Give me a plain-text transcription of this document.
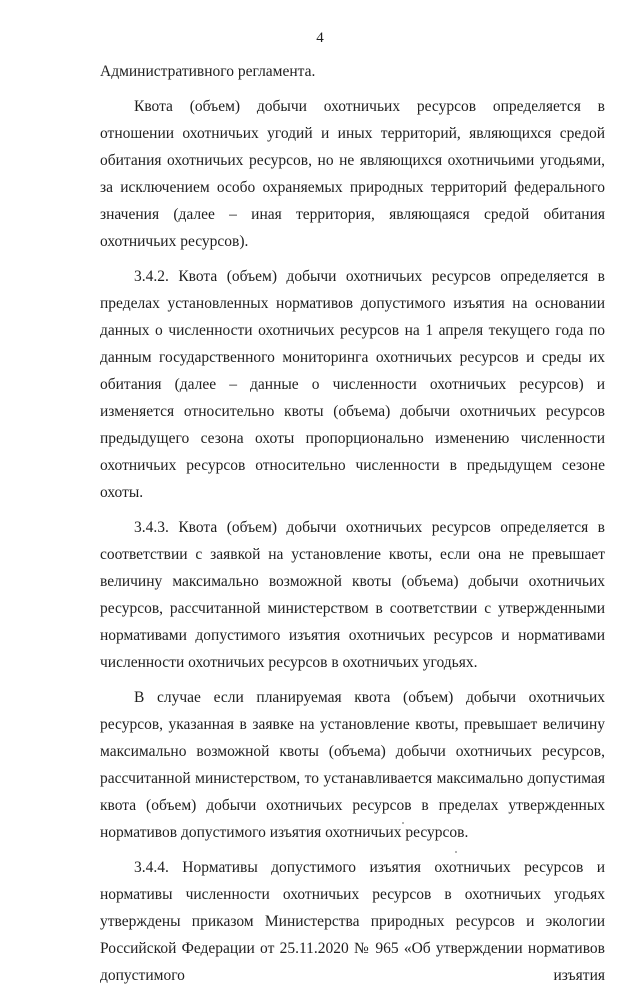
4

Административного регламента.

Квота (объем) добычи охотничьих ресурсов определяется в отношении охотничьих угодий и иных территорий, являющихся средой обитания охотничьих ресурсов, но не являющихся охотничьими угодьями, за исключением особо охраняемых природных территорий федерального значения (далее – иная территория, являющаяся средой обитания охотничьих ресурсов).

3.4.2. Квота (объем) добычи охотничьих ресурсов определяется в пределах установленных нормативов допустимого изъятия на основании данных о численности охотничьих ресурсов на 1 апреля текущего года по данным государственного мониторинга охотничьих ресурсов и среды их обитания (далее – данные о численности охотничьих ресурсов) и изменяется относительно квоты (объема) добычи охотничьих ресурсов предыдущего сезона охоты пропорционально изменению численности охотничьих ресурсов относительно численности в предыдущем сезоне охоты.

3.4.3. Квота (объем) добычи охотничьих ресурсов определяется в соответствии с заявкой на установление квоты, если она не превышает величину максимально возможной квоты (объема) добычи охотничьих ресурсов, рассчитанной министерством в соответствии с утвержденными нормативами допустимого изъятия охотничьих ресурсов и нормативами численности охотничьих ресурсов в охотничьих угодьях.

В случае если планируемая квота (объем) добычи охотничьих ресурсов, указанная в заявке на установление квоты, превышает величину максимально возможной квоты (объема) добычи охотничьих ресурсов, рассчитанной министерством, то устанавливается максимально допустимая квота (объем) добычи охотничьих ресурсов в пределах утвержденных нормативов допустимого изъятия охотничьих ресурсов.

3.4.4. Нормативы допустимого изъятия охотничьих ресурсов и нормативы численности охотничьих ресурсов в охотничьих угодьях утверждены приказом Министерства природных ресурсов и экологии Российской Федерации от 25.11.2020 № 965 «Об утверждении нормативов допустимого изъятия
